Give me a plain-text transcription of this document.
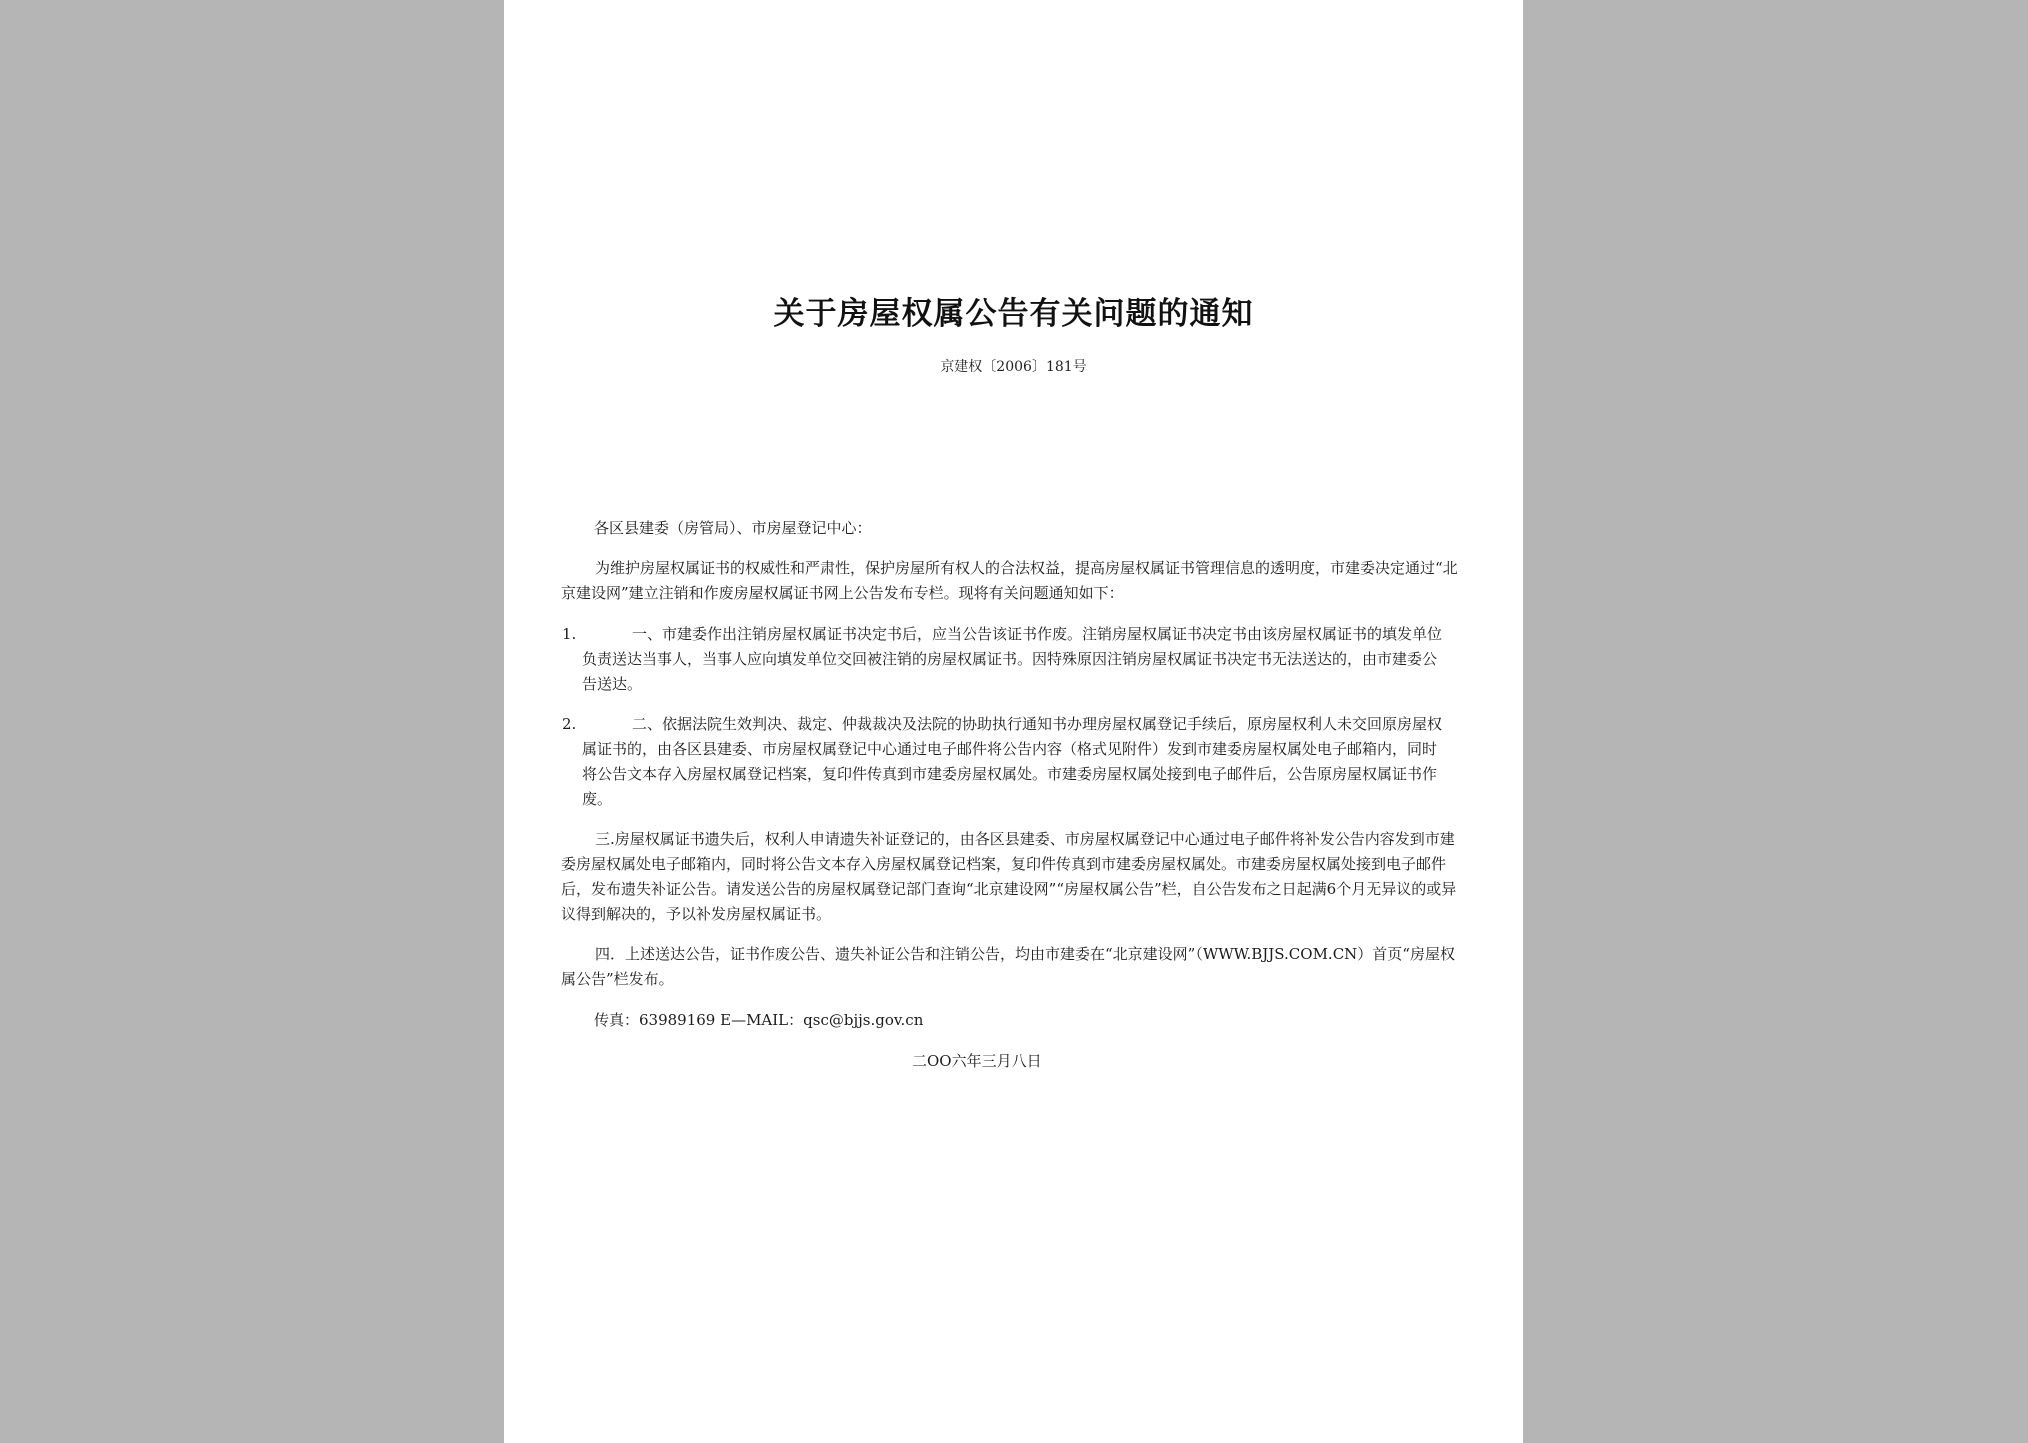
关于房屋权属公告有关问题的通知
京建权〔2006〕181号
各区县建委（房管局）、市房屋登记中心：

为维护房屋权属证书的权威性和严肃性，保护房屋所有权人的合法权益，提高房屋权属证书管理信息的透明度，市建委决定通过“北京建设网”建立注销和作废房屋权属证书网上公告发布专栏。现将有关问题通知如下：

1.	一、市建委作出注销房屋权属证书决定书后，应当公告该证书作废。注销房屋权属证书决定书由该房屋权属证书的填发单位负责送达当事人，当事人应向填发单位交回被注销的房屋权属证书。因特殊原因注销房屋权属证书决定书无法送达的，由市建委公告送达。

2.	二、依据法院生效判决、裁定、仲裁裁决及法院的协助执行通知书办理房屋权属登记手续后，原房屋权利人未交回原房屋权属证书的，由各区县建委、市房屋权属登记中心通过电子邮件将公告内容（格式见附件）发到市建委房屋权属处电子邮箱内，同时将公告文本存入房屋权属登记档案，复印件传真到市建委房屋权属处。市建委房屋权属处接到电子邮件后，公告原房屋权属证书作废。

三.房屋权属证书遗失后，权利人申请遗失补证登记的，由各区县建委、市房屋权属登记中心通过电子邮件将补发公告内容发到市建委房屋权属处电子邮箱内，同时将公告文本存入房屋权属登记档案，复印件传真到市建委房屋权属处。市建委房屋权属处接到电子邮件后，发布遗失补证公告。请发送公告的房屋权属登记部门查询“北京建设网”“房屋权属公告”栏，自公告发布之日起满6个月无异议的或异议得到解决的，予以补发房屋权属证书。

四．上述送达公告，证书作废公告、遗失补证公告和注销公告，均由市建委在“北京建设网”（WWW.BJJS.COM.CN）首页“房屋权属公告”栏发布。

传真：63989169 E—MAIL：qsc@bjjs.gov.cn
二OO六年三月八日
